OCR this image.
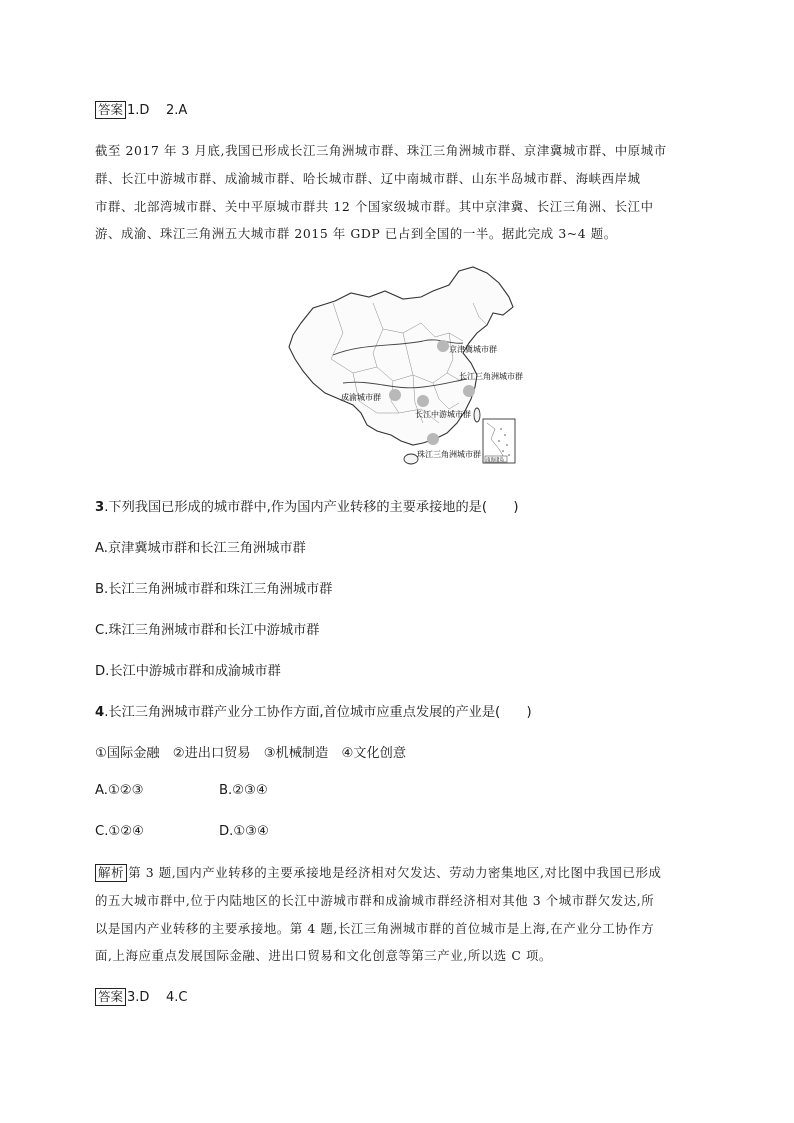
答案 1.D    2.A
截至 2017 年 3 月底,我国已形成长江三角洲城市群、珠江三角洲城市群、京津冀城市群、中原城市
群、长江中游城市群、成渝城市群、哈长城市群、辽中南城市群、山东半岛城市群、海峡西岸城
市群、北部湾城市群、关中平原城市群共 12 个国家级城市群。其中京津冀、长江三角洲、长江中
游、成渝、珠江三角洲五大城市群 2015 年 GDP 已占到全国的一半。据此完成 3~4 题。
京津冀城市群
长江三角洲城市群
成渝城市群
长江中游城市群
珠江三角洲城市群
南海诸岛
3.下列我国已形成的城市群中,作为国内产业转移的主要承接地的是(　　)
A.京津冀城市群和长江三角洲城市群
B.长江三角洲城市群和珠江三角洲城市群
C.珠江三角洲城市群和长江中游城市群
D.长江中游城市群和成渝城市群
4.长江三角洲城市群产业分工协作方面,首位城市应重点发展的产业是(　　)
①国际金融　②进出口贸易　③机械制造　④文化创意
A.①②③	B.②③④
C.①②④	D.①③④
解析 第 3 题,国内产业转移的主要承接地是经济相对欠发达、劳动力密集地区,对比图中我国已形成
的五大城市群中,位于内陆地区的长江中游城市群和成渝城市群经济相对其他 3 个城市群欠发达,所
以是国内产业转移的主要承接地。第 4 题,长江三角洲城市群的首位城市是上海,在产业分工协作方
面,上海应重点发展国际金融、进出口贸易和文化创意等第三产业,所以选 C 项。
答案 3.D    4.C
